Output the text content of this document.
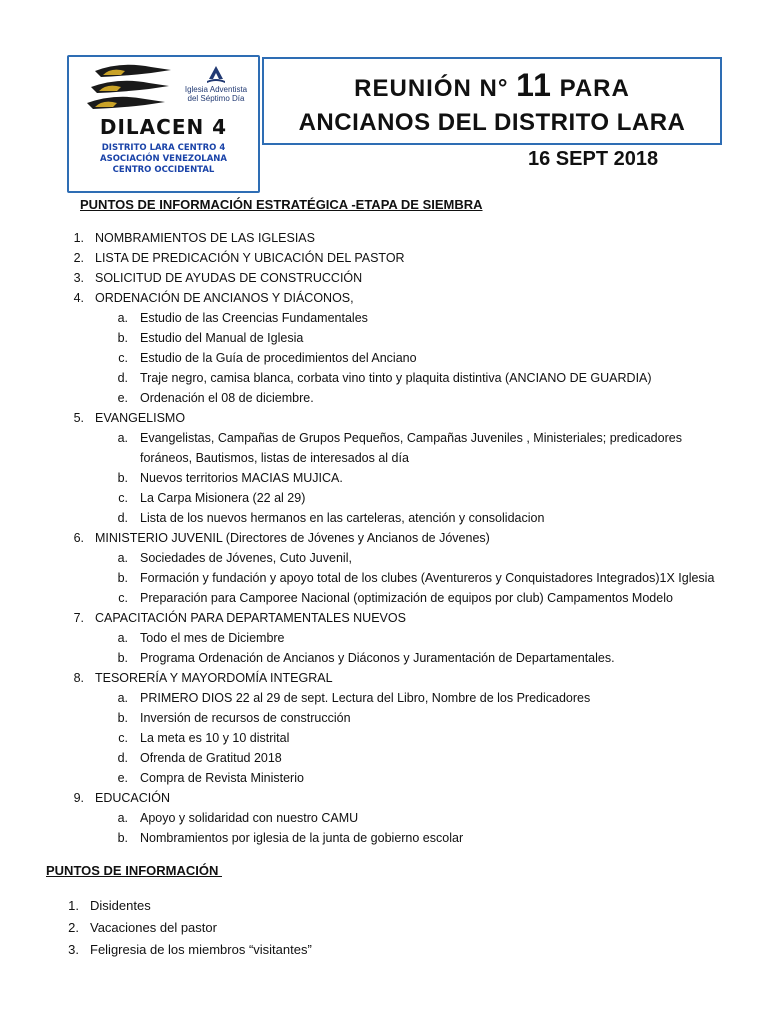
Iglesia Adventista
del Séptimo Día
DILACEN 4
DISTRITO LARA CENTRO 4
ASOCIACIÓN VENEZOLANA
CENTRO OCCIDENTAL
REUNIÓN N° 11 PARA
ANCIANOS DEL DISTRITO LARA
16 SEPT 2018
PUNTOS DE INFORMACIÓN ESTRATÉGICA -ETAPA DE SIEMBRA
1. NOMBRAMIENTOS DE LAS IGLESIAS
2. LISTA DE PREDICACIÓN Y UBICACIÓN DEL PASTOR
3. SOLICITUD DE AYUDAS DE CONSTRUCCIÓN
4. ORDENACIÓN DE ANCIANOS Y DIÁCONOS,
a. Estudio de las Creencias Fundamentales
b. Estudio del Manual de Iglesia
c. Estudio de la Guía de procedimientos del Anciano
d. Traje negro, camisa blanca, corbata vino tinto y plaquita distintiva (ANCIANO DE GUARDIA)
e. Ordenación el 08 de diciembre.
5. EVANGELISMO
a. Evangelistas, Campañas de Grupos Pequeños, Campañas Juveniles , Ministeriales; predicadores
foráneos, Bautismos, listas de interesados al día
b. Nuevos territorios MACIAS MUJICA.
c. La Carpa Misionera (22 al 29)
d. Lista de los nuevos hermanos en las carteleras, atención y consolidacion
6. MINISTERIO JUVENIL (Directores de Jóvenes y Ancianos de Jóvenes)
a. Sociedades de Jóvenes, Cuto Juvenil,
b. Formación y fundación y apoyo total de los clubes (Aventureros y Conquistadores Integrados)1X Iglesia
c. Preparación para Camporee Nacional (optimización de equipos por club) Campamentos Modelo
7. CAPACITACIÓN PARA DEPARTAMENTALES NUEVOS
a. Todo el mes de Diciembre
b. Programa Ordenación de Ancianos y Diáconos y Juramentación de Departamentales.
8. TESORERÍA Y MAYORDOMÍA INTEGRAL
a. PRIMERO DIOS 22 al 29 de sept. Lectura del Libro, Nombre de los Predicadores
b. Inversión de recursos de construcción
c. La meta es 10 y 10 distrital
d. Ofrenda de Gratitud 2018
e. Compra de Revista Ministerio
9. EDUCACIÓN
a. Apoyo y solidaridad con nuestro CAMU
b. Nombramientos por iglesia de la junta de gobierno escolar
PUNTOS DE INFORMACIÓN
1. Disidentes
2. Vacaciones del pastor
3. Feligresia de los miembros “visitantes”
